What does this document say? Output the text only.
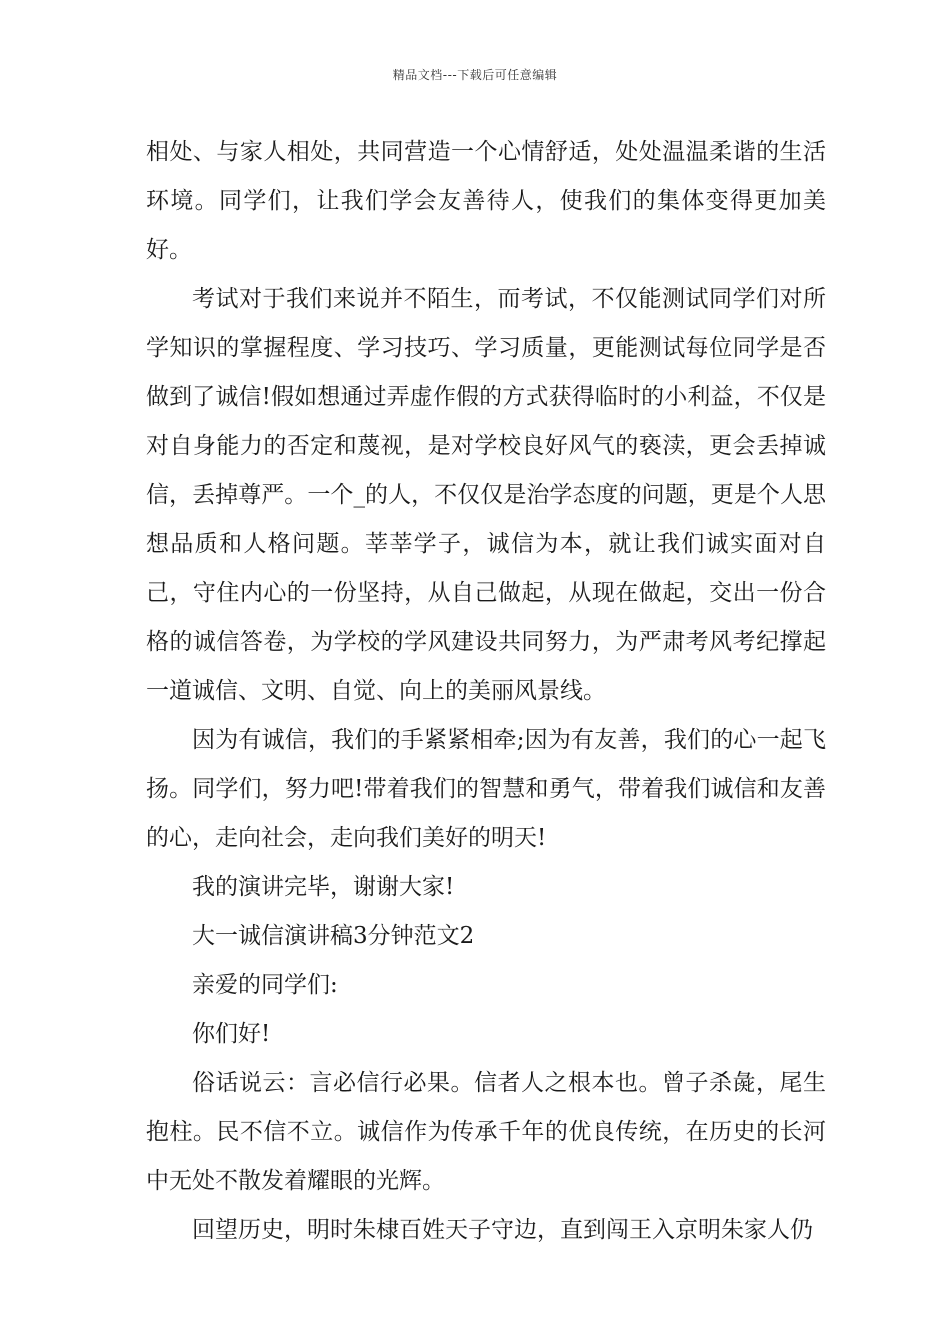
精品文档---下载后可任意编辑

相处、与家人相处，共同营造一个心情舒适，处处温温柔谐的生活环境。同学们，让我们学会友善待人，使我们的集体变得更加美好。

考试对于我们来说并不陌生，而考试，不仅能测试同学们对所学知识的掌握程度、学习技巧、学习质量，更能测试每位同学是否做到了诚信!假如想通过弄虚作假的方式获得临时的小利益，不仅是对自身能力的否定和蔑视，是对学校良好风气的亵渎，更会丢掉诚信，丢掉尊严。一个_的人，不仅仅是治学态度的问题，更是个人思想品质和人格问题。莘莘学子，诚信为本，就让我们诚实面对自己，守住内心的一份坚持，从自己做起，从现在做起，交出一份合格的诚信答卷，为学校的学风建设共同努力，为严肃考风考纪撑起一道诚信、文明、自觉、向上的美丽风景线。

因为有诚信，我们的手紧紧相牵;因为有友善，我们的心一起飞扬。同学们，努力吧!带着我们的智慧和勇气，带着我们诚信和友善的心，走向社会，走向我们美好的明天!

我的演讲完毕，谢谢大家!

大一诚信演讲稿3分钟范文2

亲爱的同学们:

你们好!

俗话说云：言必信行必果。信者人之根本也。曾子杀彘，尾生抱柱。民不信不立。诚信作为传承千年的优良传统，在历史的长河中无处不散发着耀眼的光辉。

回望历史，明时朱棣百姓天子守边，直到闯王入京明朱家人仍
